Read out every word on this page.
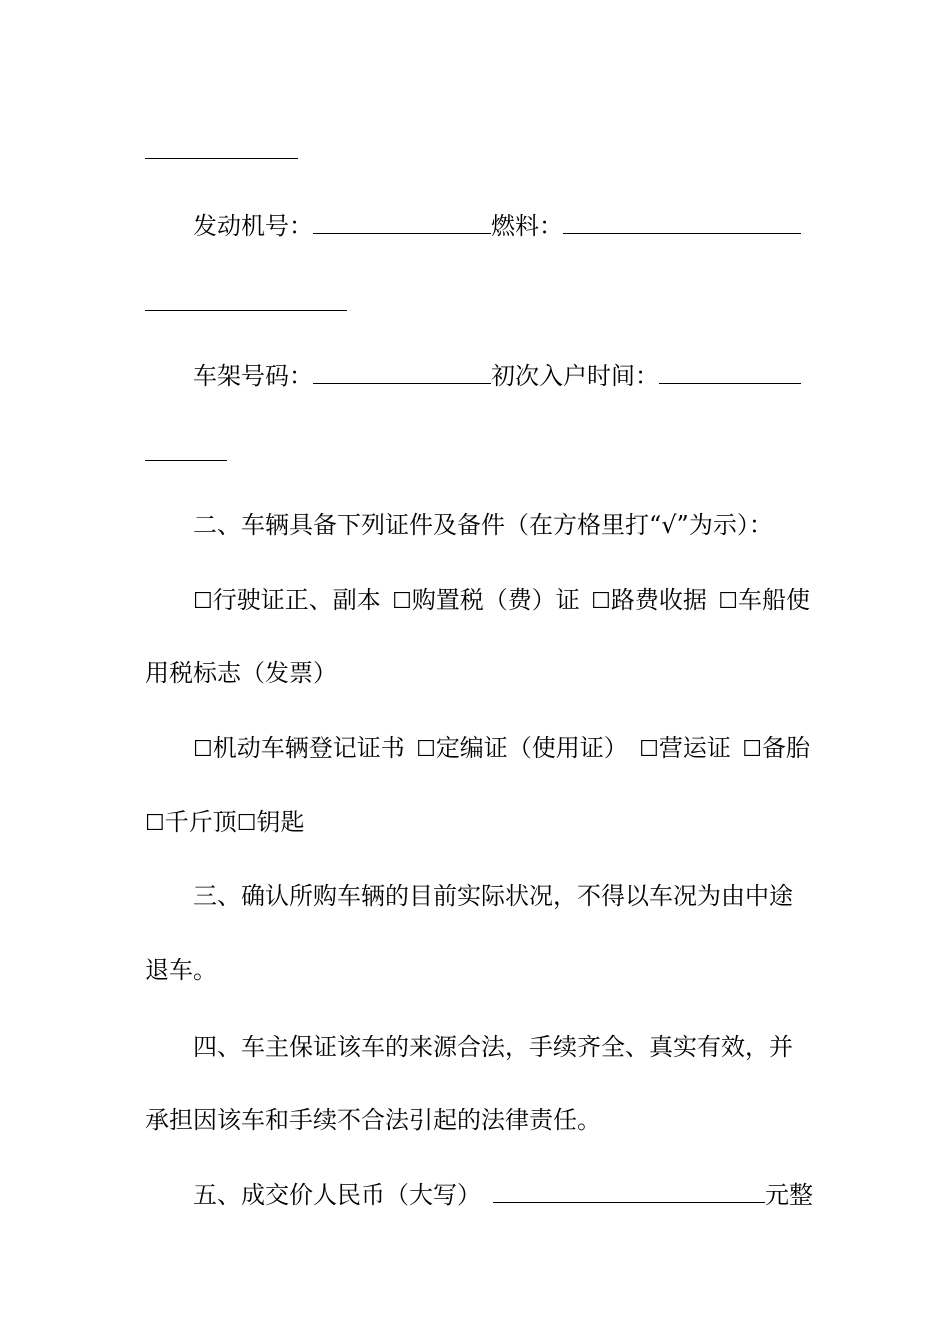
发动机号：	燃料：
车架号码：	初次入户时间：
二、车辆具备下列证件及备件（在方格里打“√”为示）：
☐行驶证正、副本 ☐购置税（费）证 ☐路费收据 ☐车船使
用税标志（发票）
☐机动车辆登记证书 ☐定编证（使用证） ☐营运证 ☐备胎
☐千斤顶☐钥匙
三、确认所购车辆的目前实际状况，不得以车况为由中途
退车。
四、车主保证该车的来源合法，手续齐全、真实有效，并
承担因该车和手续不合法引起的法律责任。
五、成交价人民币（大写）	元整
